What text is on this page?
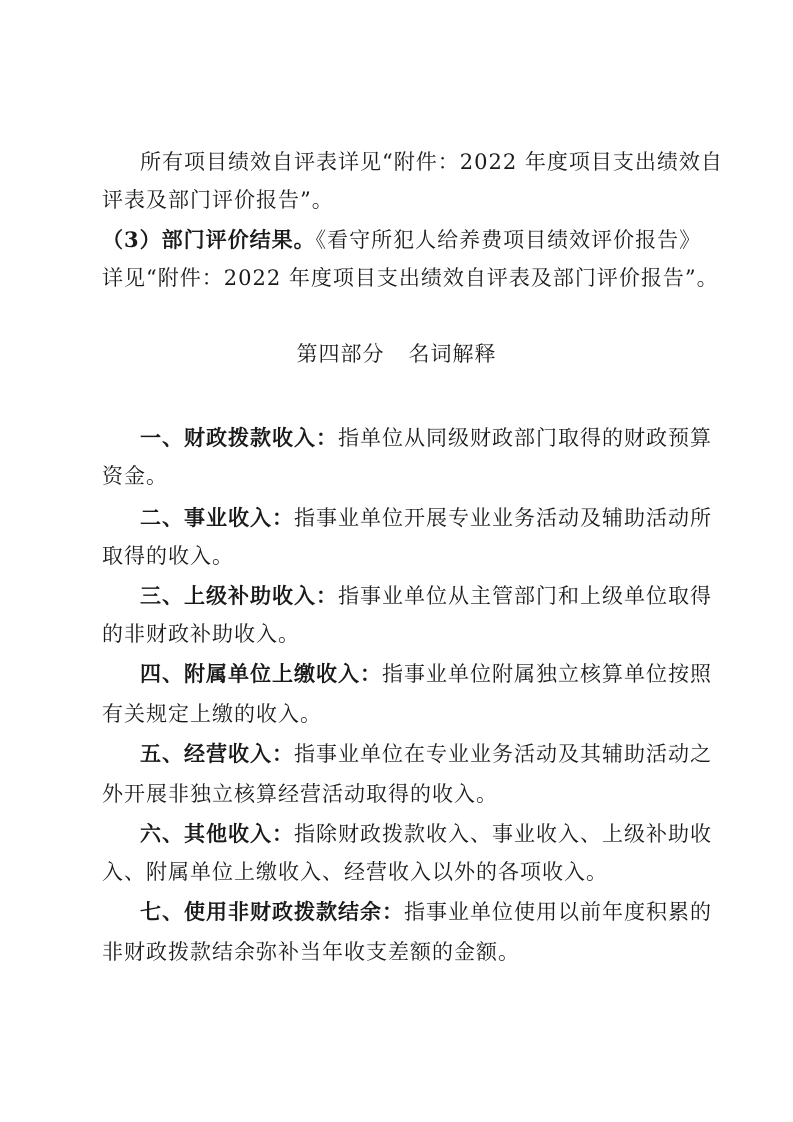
所有项目绩效自评表详见“附件：2022 年度项目支出绩效自
评表及部门评价报告”。
（3）部门评价结果。《看守所犯人给养费项目绩效评价报告》
详见“附件：2022 年度项目支出绩效自评表及部门评价报告”。
第四部分 名词解释
一、财政拨款收入：指单位从同级财政部门取得的财政预算
资金。
二、事业收入：指事业单位开展专业业务活动及辅助活动所
取得的收入。
三、上级补助收入：指事业单位从主管部门和上级单位取得
的非财政补助收入。
四、附属单位上缴收入：指事业单位附属独立核算单位按照
有关规定上缴的收入。
五、经营收入：指事业单位在专业业务活动及其辅助活动之
外开展非独立核算经营活动取得的收入。
六、其他收入：指除财政拨款收入、事业收入、上级补助收
入、附属单位上缴收入、经营收入以外的各项收入。
七、使用非财政拨款结余：指事业单位使用以前年度积累的
非财政拨款结余弥补当年收支差额的金额。
